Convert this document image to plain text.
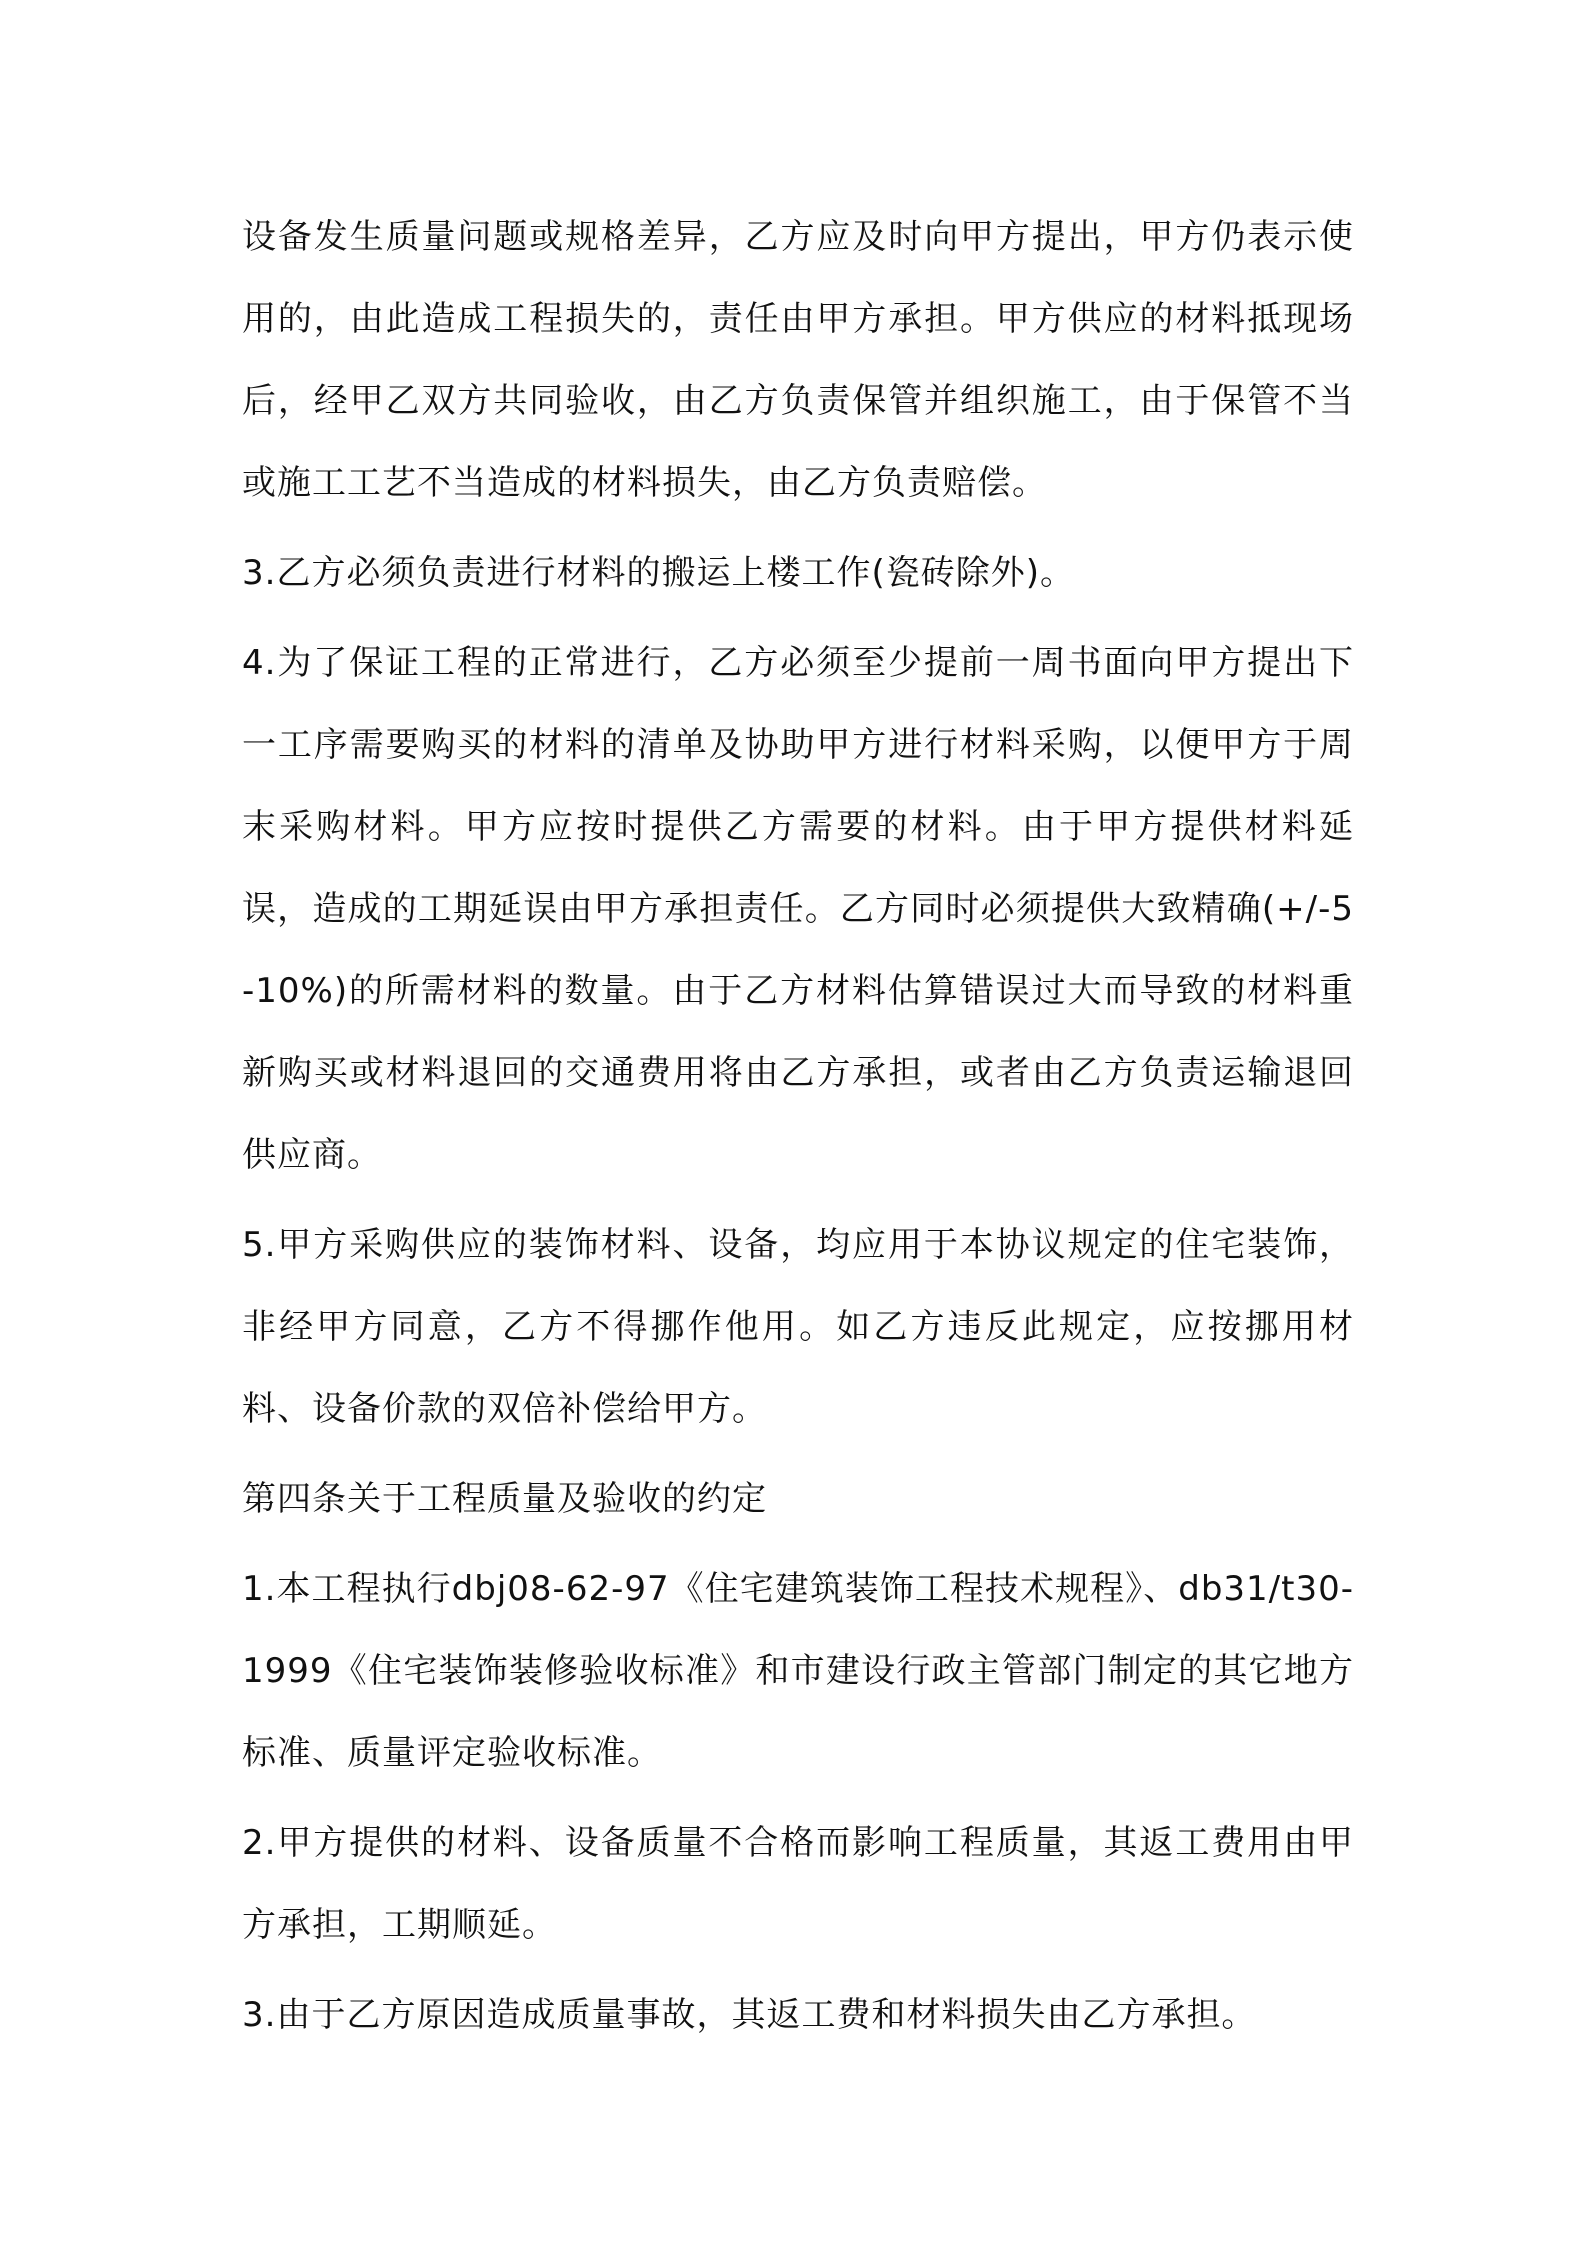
设备发生质量问题或规格差异，乙方应及时向甲方提出，甲方仍表示使用的，由此造成工程损失的，责任由甲方承担。甲方供应的材料抵现场后，经甲乙双方共同验收，由乙方负责保管并组织施工，由于保管不当或施工工艺不当造成的材料损失，由乙方负责赔偿。

3.乙方必须负责进行材料的搬运上楼工作(瓷砖除外)。

4.为了保证工程的正常进行，乙方必须至少提前一周书面向甲方提出下一工序需要购买的材料的清单及协助甲方进行材料采购，以便甲方于周末采购材料。甲方应按时提供乙方需要的材料。由于甲方提供材料延误，造成的工期延误由甲方承担责任。乙方同时必须提供大致精确(+/-5-10%)的所需材料的数量。由于乙方材料估算错误过大而导致的材料重新购买或材料退回的交通费用将由乙方承担，或者由乙方负责运输退回供应商。

5.甲方采购供应的装饰材料、设备，均应用于本协议规定的住宅装饰，非经甲方同意，乙方不得挪作他用。如乙方违反此规定，应按挪用材料、设备价款的双倍补偿给甲方。

第四条关于工程质量及验收的约定

1.本工程执行dbj08-62-97《住宅建筑装饰工程技术规程》、db31/t30-1999《住宅装饰装修验收标准》和市建设行政主管部门制定的其它地方标准、质量评定验收标准。

2.甲方提供的材料、设备质量不合格而影响工程质量，其返工费用由甲方承担，工期顺延。

3.由于乙方原因造成质量事故，其返工费和材料损失由乙方承担。
